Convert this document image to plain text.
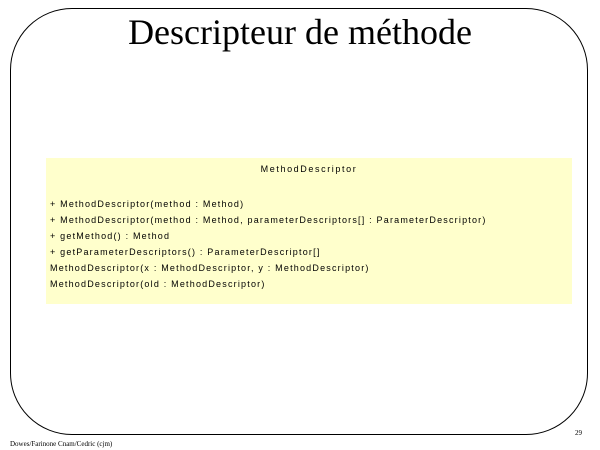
Descripteur de méthode
MethodDescriptor
+ MethodDescriptor(method : Method)
+ MethodDescriptor(method : Method, parameterDescriptors[] : ParameterDescriptor)
+ getMethod() : Method
+ getParameterDescriptors() : ParameterDescriptor[]
MethodDescriptor(x : MethodDescriptor, y : MethodDescriptor)
MethodDescriptor(old : MethodDescriptor)
29
Dowes/Farinone Cnam/Cedric (cjm)
